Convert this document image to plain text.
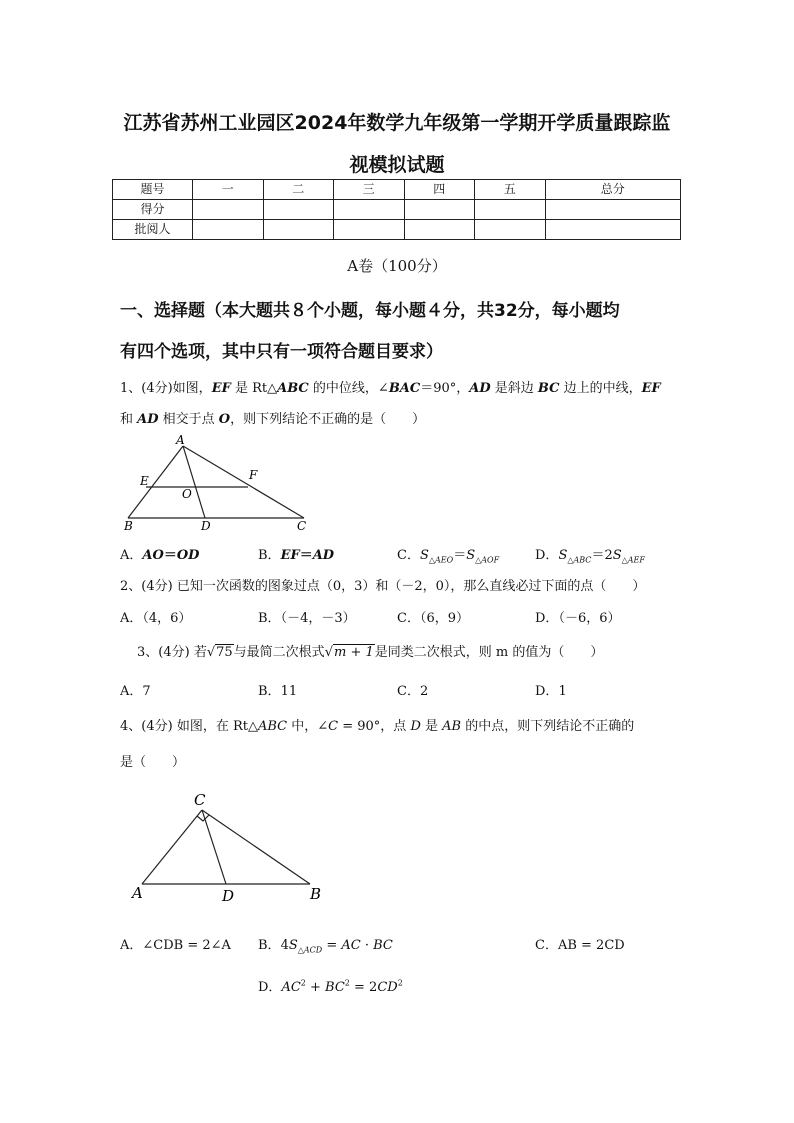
江苏省苏州工业园区2024年数学九年级第一学期开学质量跟踪监
视模拟试题
题号	一	二	三	四	五	总分
得分						
批阅人						
A卷（100分）
一、选择题（本大题共８个小题，每小题４分，共32分，每小题均
有四个选项，其中只有一项符合题目要求）
1、(4分)如图，EF 是 Rt△ABC 的中位线，∠BAC＝90°，AD 是斜边 BC 边上的中线，EF
和 AD 相交于点 O，则下列结论不正确的是（　　）
A
E	F
O
B	D	C
A．AO＝OD	B．EF＝AD	C．$S_{\triangle AEO}=S_{\triangle AOF}$	D．$S_{\triangle ABC}=2S_{\triangle AEF}$
2、(4分) 已知一次函数的图象过点（0，3）和（－2，0），那么直线必过下面的点（　　）
A．（4，6）	B．（－4，－3）	C．（6，9）	D．（－6，6）
3、(4分) 若√75与最简二次根式√m + 1是同类二次根式，则 m 的值为（　　）
A．7	B．11	C．2	D．1
4、(4分) 如图，在 Rt△ABC 中，∠C = 90°，点 D 是 AB 的中点，则下列结论不正确的
是（　　）
C
A	D	B
A．∠CDB = 2∠A B．$4S_{\triangle ACD}$ = AC · BC	C．AB = 2CD
D．$AC^2 + BC^2 = 2CD^2$
